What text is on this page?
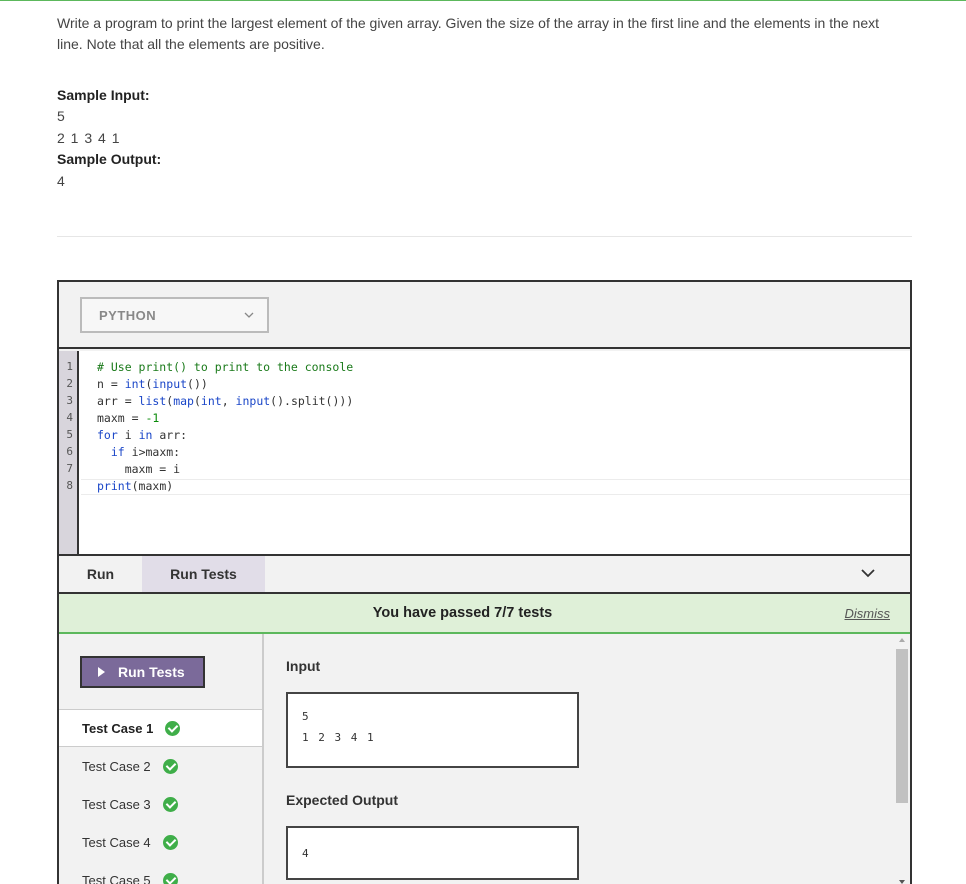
Write a program to print the largest element of the given array. Given the size of the array in the first line and the elements in the next line. Note that all the elements are positive.
Sample Input:
5
2 1 3 4 1
Sample Output:
4
PYTHON
1
2
3
4
5
6
7
8
# Use print() to print to the console
n = int(input())
arr = list(map(int, input().split()))
maxm = -1
for i in arr:
if i>maxm:
maxm = i
print(maxm)
Run	Run Tests
You have passed 7/7 tests	Dismiss
Run Tests
Test Case 1
Test Case 2
Test Case 3
Test Case 4
Test Case 5
Input
5
1 2 3 4 1
Expected Output
4
